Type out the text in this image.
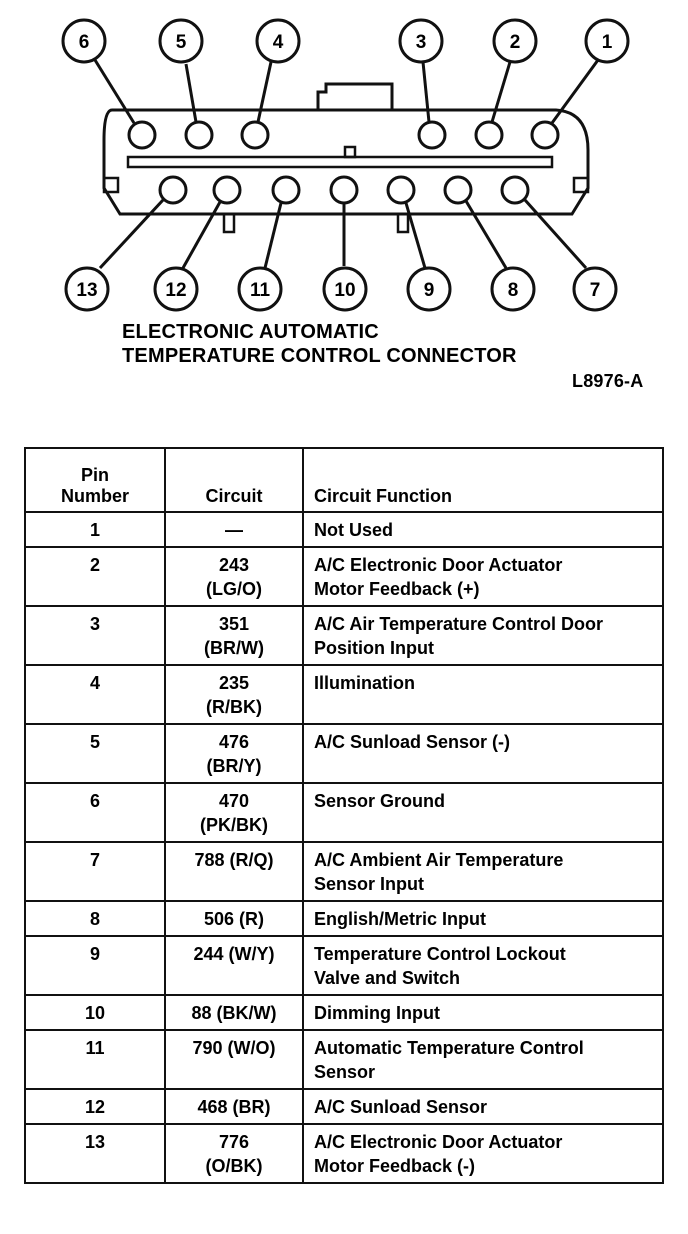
6	5	4	3	2	1
13	12	11	10	9	8	7
ELECTRONIC AUTOMATIC
TEMPERATURE CONTROL CONNECTOR
L8976-A
Pin
Number	Circuit	Circuit Function
1	—	Not Used

2	243
(LG/O)	A/C Electronic Door Actuator
Motor Feedback (+)

3	351
(BR/W)	A/C Air Temperature Control Door
Position Input

4	235
(R/BK)	Illumination

5	476
(BR/Y)	A/C Sunload Sensor (-)

6	470
(PK/BK)	Sensor Ground

7	788 (R/Q)	A/C Ambient Air Temperature
Sensor Input

8	506 (R)	English/Metric Input

9	244 (W/Y)	Temperature Control Lockout
Valve and Switch

10	88 (BK/W)	Dimming Input

11	790 (W/O)	Automatic Temperature Control
Sensor

12	468 (BR)	A/C Sunload Sensor

13	776
(O/BK)	A/C Electronic Door Actuator
Motor Feedback (-)
